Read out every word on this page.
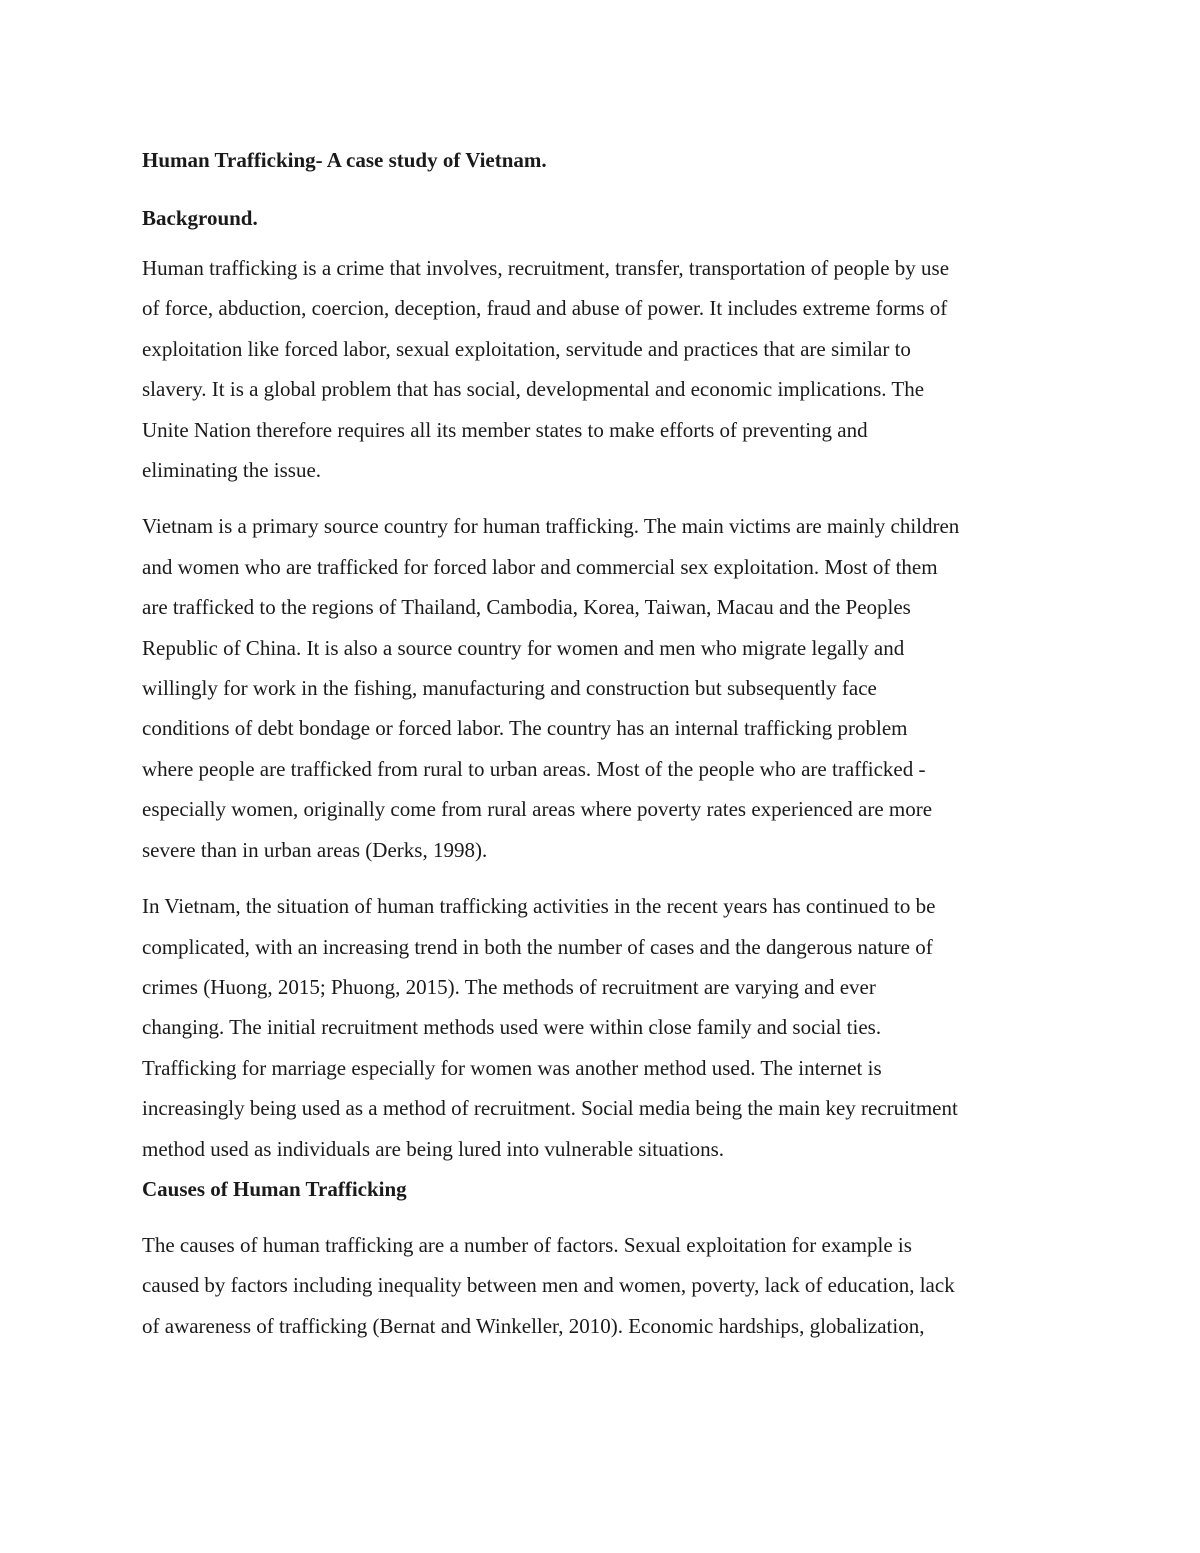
Human Trafficking- A case study of Vietnam.
Background.
Human trafficking is a crime that involves, recruitment, transfer, transportation of people by use
of force, abduction, coercion, deception, fraud and abuse of power. It includes extreme forms of
exploitation like forced labor, sexual exploitation, servitude and practices that are similar to
slavery. It is a global problem that has social, developmental and economic implications. The
Unite Nation therefore requires all its member states to make efforts of preventing and
eliminating the issue.
Vietnam is a primary source country for human trafficking. The main victims are mainly children
and women who are trafficked for forced labor and commercial sex exploitation. Most of them
are trafficked to the regions of Thailand, Cambodia, Korea, Taiwan, Macau and the Peoples
Republic of China. It is also a source country for women and men who migrate legally and
willingly for work in the fishing, manufacturing and construction but subsequently face
conditions of debt bondage or forced labor. The country has an internal trafficking problem
where people are trafficked from rural to urban areas. Most of the people who are trafficked -
especially women, originally come from rural areas where poverty rates experienced are more
severe than in urban areas (Derks, 1998).
In Vietnam, the situation of human trafficking activities in the recent years has continued to be
complicated, with an increasing trend in both the number of cases and the dangerous nature of
crimes (Huong, 2015; Phuong, 2015). The methods of recruitment are varying and ever
changing. The initial recruitment methods used were within close family and social ties.
Trafficking for marriage especially for women was another method used. The internet is
increasingly being used as a method of recruitment. Social media being the main key recruitment
method used as individuals are being lured into vulnerable situations.
Causes of Human Trafficking
The causes of human trafficking are a number of factors. Sexual exploitation for example is
caused by factors including inequality between men and women, poverty, lack of education, lack
of awareness of trafficking (Bernat and Winkeller, 2010). Economic hardships, globalization,
